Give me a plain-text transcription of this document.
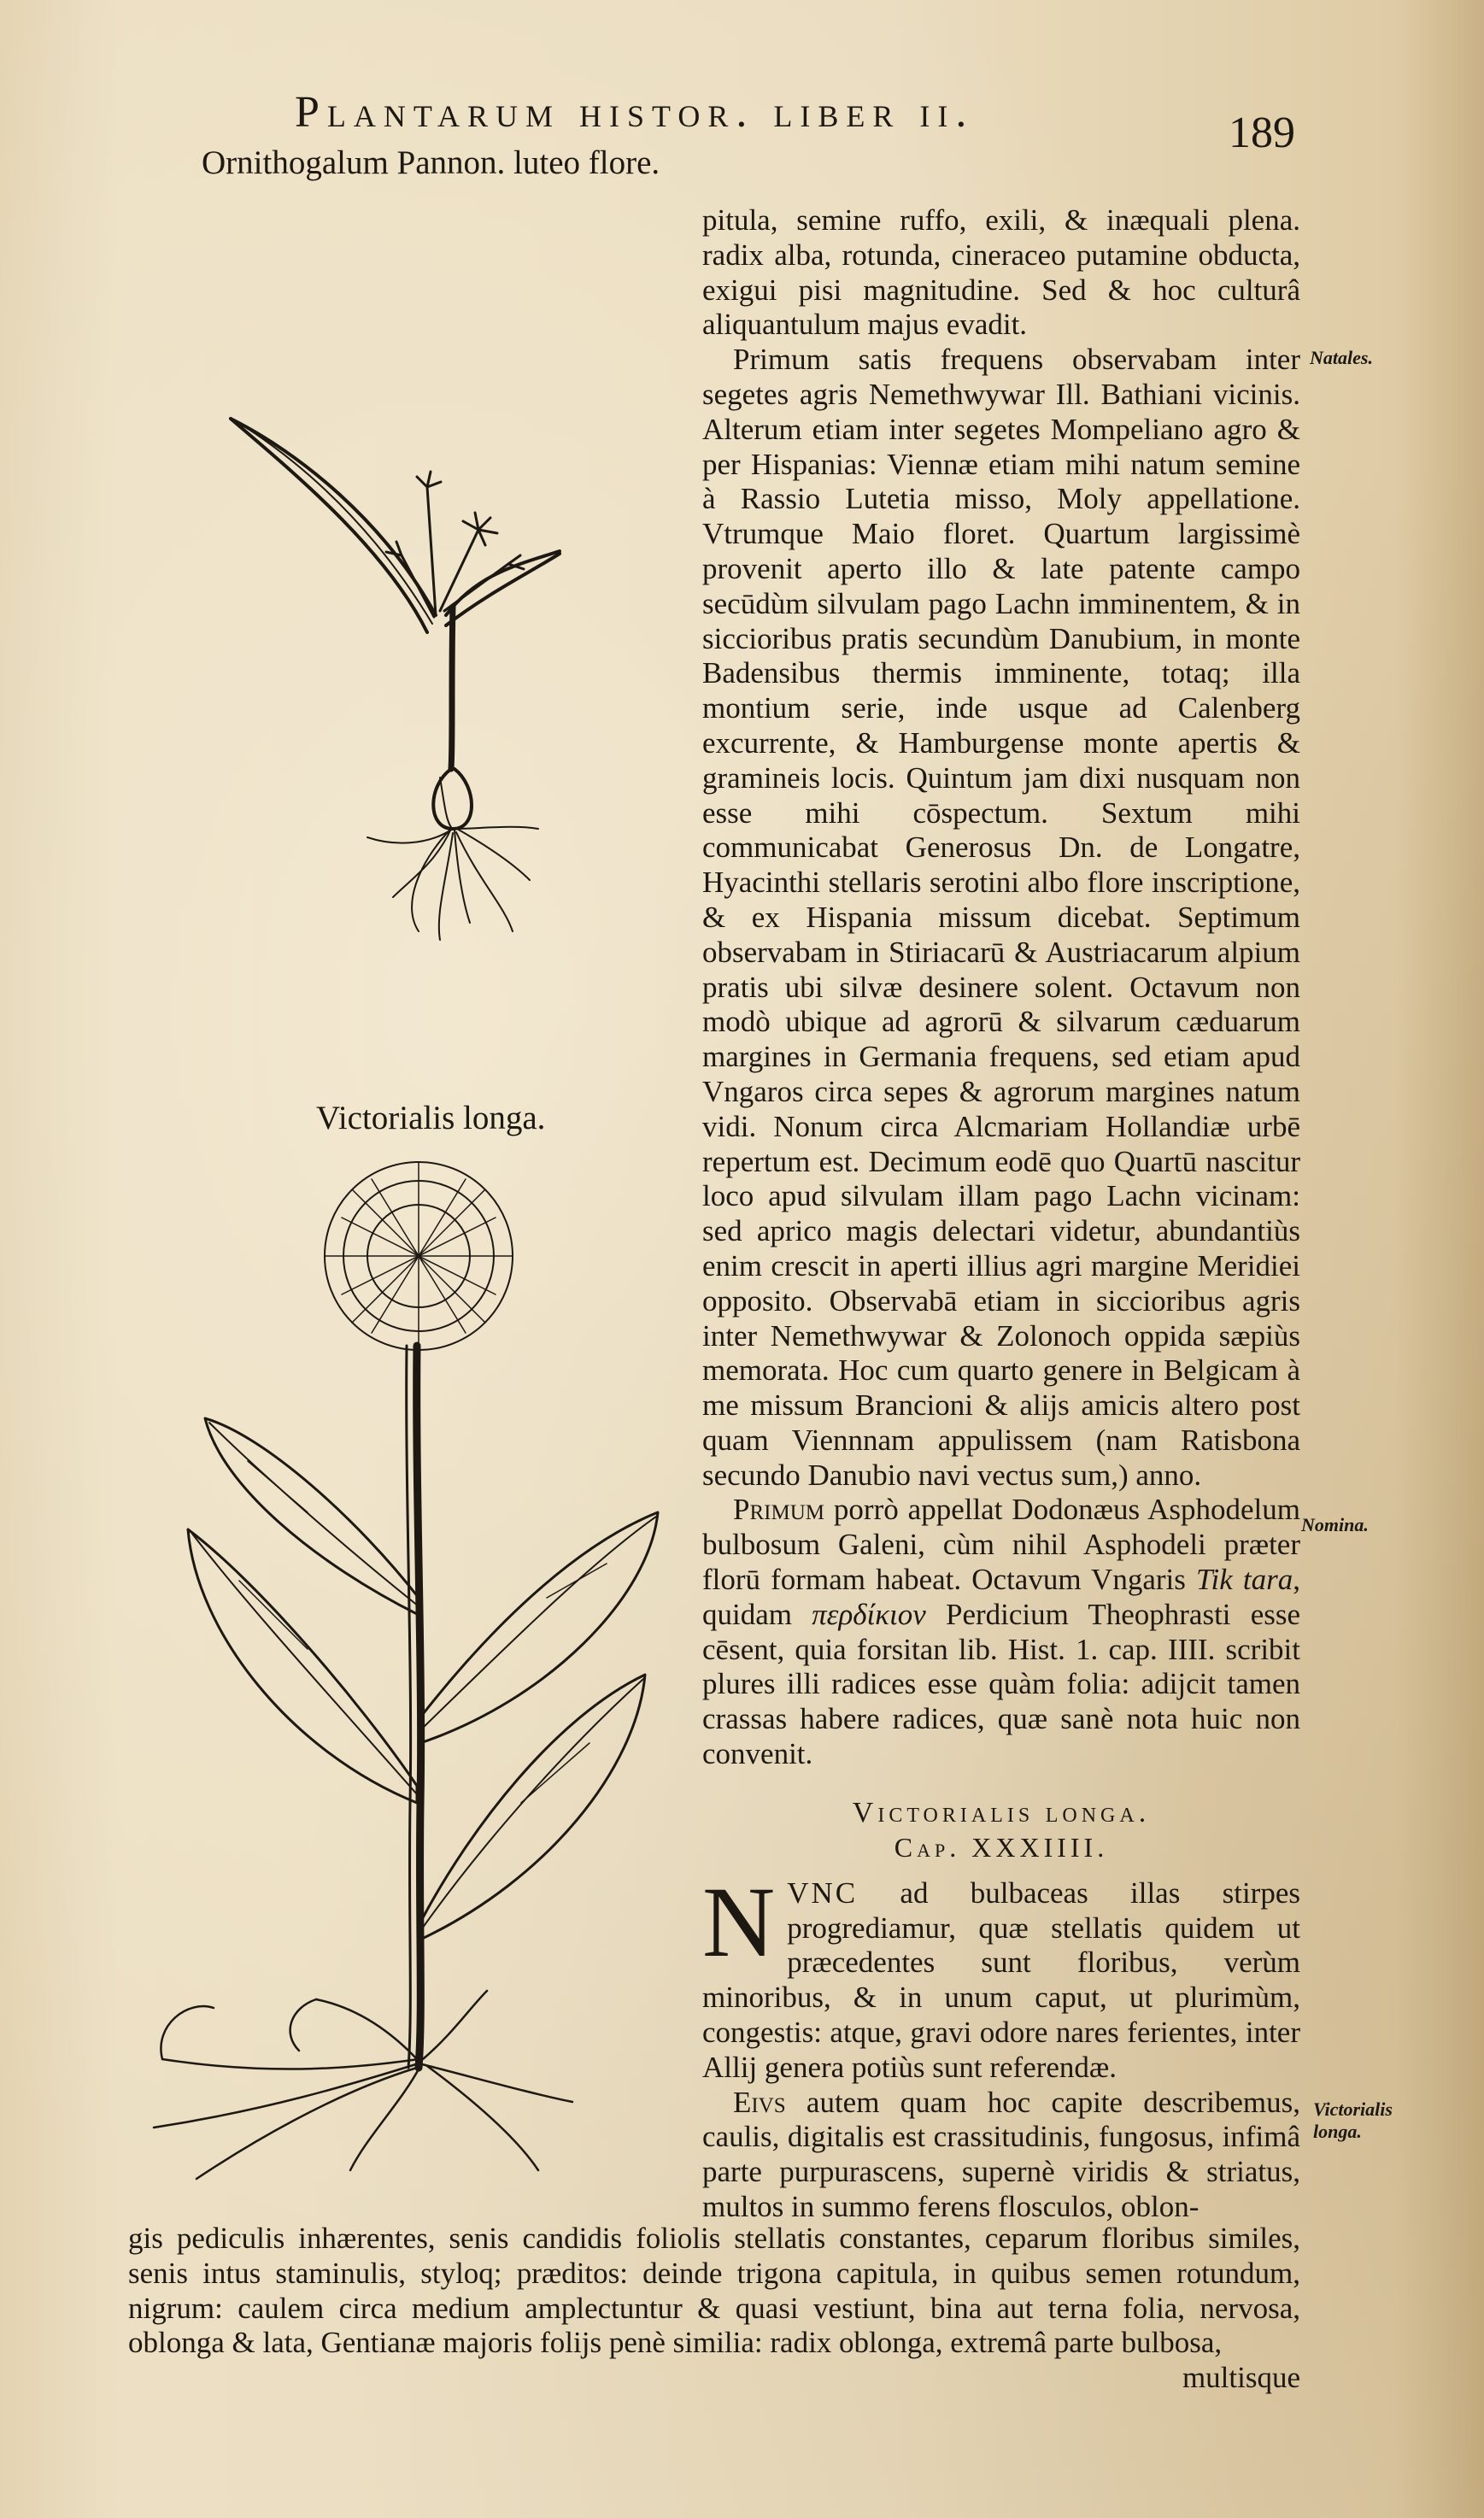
Plantarum histor. liber ii.	189
Ornithogalum Pannon. luteo flore.
Victorialis longa.
Natales.
Nomina.
Victorialis longa.

pitula, semine ruffo, exili, & inæquali plena. radix alba, rotunda, cineraceo putamine obducta, exigui pisi magnitudine. Sed & hoc culturâ aliquantulum majus evadit.

Primum satis frequens observabam inter segetes agris Nemethwywar Ill. Bathiani vicinis. Alterum etiam inter segetes Mompeliano agro & per Hispanias: Viennæ etiam mihi natum semine à Rassio Lutetia misso, Moly appellatione. Vtrumque Maio floret. Quartum largissimè provenit aperto illo & late patente campo secūdùm silvulam pago Lachn imminentem, & in siccioribus pratis secundùm Danubium, in monte Badensibus thermis imminente, totaq; illa montium serie, inde usque ad Calenberg excurrente, & Hamburgense monte apertis & gramineis locis. Quintum jam dixi nusquam non esse mihi cōspectum. Sextum mihi communicabat Generosus Dn. de Longatre, Hyacinthi stellaris serotini albo flore inscriptione, & ex Hispania missum dicebat. Septimum observabam in Stiriacarū & Austriacarum alpium pratis ubi silvæ desinere solent. Octavum non modò ubique ad agrorū & silvarum cæduarum margines in Germania frequens, sed etiam apud Vngaros circa sepes & agrorum margines natum vidi. Nonum circa Alcmariam Hollandiæ urbē repertum est. Decimum eodē quo Quartū nascitur loco apud silvulam illam pago Lachn vicinam: sed aprico magis delectari videtur, abundantiùs enim crescit in aperti illius agri margine Meridiei opposito. Observabā etiam in siccioribus agris inter Nemethwywar & Zolonoch oppida sæpiùs memorata. Hoc cum quarto genere in Belgicam à me missum Brancioni & alijs amicis altero post quam Viennnam appulissem (nam Ratisbona secundo Danubio navi vectus sum,) anno.

Primum porrò appellat Dodonæus Asphodelum bulbosum Galeni, cùm nihil Asphodeli præter florū formam habeat. Octavum Vngaris Tik tara, quidam περδίκιον Perdicium Theophrasti esse cēsent, quia forsitan lib. Hist. 1. cap. IIII. scribit plures illi radices esse quàm folia: adijcit tamen crassas habere radices, quæ sanè nota huic non convenit.

Victorialis longa.
Cap. XXXIIII.

NVNC ad bulbaceas illas stirpes progrediamur, quæ stellatis quidem ut præcedentes sunt floribus, verùm minoribus, & in unum caput, ut plurimùm, congestis: atque, gravi odore nares ferientes, inter Allij genera potiùs sunt referendæ.

Eivs autem quam hoc capite describemus, caulis, digitalis est crassitudinis, fungosus, infimâ parte purpurascens, supernè viridis & striatus, multos in summo ferens flosculos, oblon-

gis pediculis inhærentes, senis candidis foliolis stellatis constantes, ceparum floribus similes, senis intus staminulis, styloq; præditos: deinde trigona capitula, in quibus semen rotundum, nigrum: caulem circa medium amplectuntur & quasi vestiunt, bina aut terna folia, nervosa, oblonga & lata, Gentianæ majoris folijs penè similia: radix oblonga, extremâ parte bulbosa,
multisque
